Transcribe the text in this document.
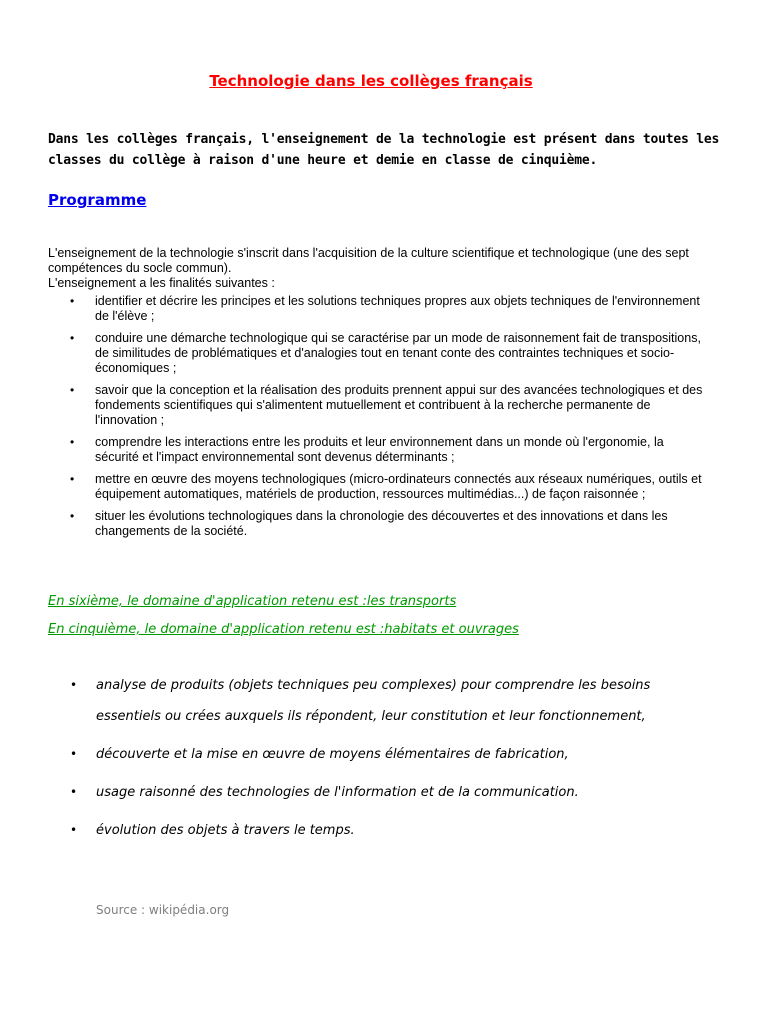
Technologie dans les collèges français

Dans les collèges français, l'enseignement de la technologie est présent dans toutes les classes du collège à raison d'une heure et demie en classe de cinquième.

Programme

L'enseignement de la technologie s'inscrit dans l'acquisition de la culture scientifique et technologique (une des sept compétences du socle commun).

L'enseignement a les finalités suivantes :

• identifier et décrire les principes et les solutions techniques propres aux objets techniques de l'environnement de l'élève ;
• conduire une démarche technologique qui se caractérise par un mode de raisonnement fait de transpositions, de similitudes de problématiques et d'analogies tout en tenant conte des contraintes techniques et socio-économiques ;
• savoir que la conception et la réalisation des produits prennent appui sur des avancées technologiques et des fondements scientifiques qui s'alimentent mutuellement et contribuent à la recherche permanente de l'innovation ;
• comprendre les interactions entre les produits et leur environnement dans un monde où l'ergonomie, la sécurité et l'impact environnemental sont devenus déterminants ;
• mettre en œuvre des moyens technologiques (micro-ordinateurs connectés aux réseaux numériques, outils et équipement automatiques, matériels de production, ressources multimédias...) de façon raisonnée ;
• situer les évolutions technologiques dans la chronologie des découvertes et des innovations et dans les changements de la société.

En sixième, le domaine d'application retenu est :les transports

En cinquième, le domaine d'application retenu est :habitats et ouvrages

• analyse de produits (objets techniques peu complexes) pour comprendre les besoins essentiels ou crées auxquels ils répondent, leur constitution et leur fonctionnement,
• découverte et la mise en œuvre de moyens élémentaires de fabrication,
• usage raisonné des technologies de l'information et de la communication.
• évolution des objets à travers le temps.

Source : wikipédia.org
